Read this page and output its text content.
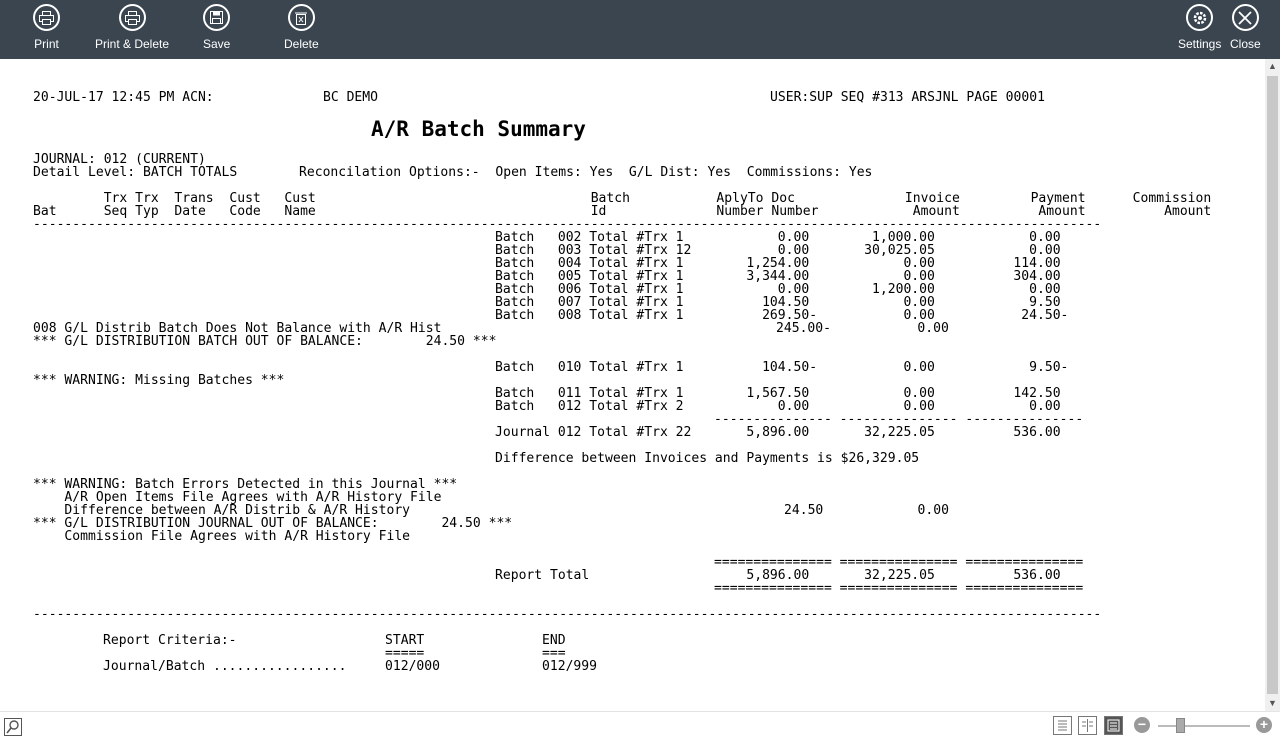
Print	Print & Delete	Save	Delete	Settings Close
20-JUL-17 12:45 PM ACN:	BC DEMO	USER:SUP SEQ #313 ARSJNL PAGE 00001
A/R Batch Summary
JOURNAL: 012 (CURRENT)
Detail Level: BATCH TOTALS	Reconcilation Options:-  Open Items: Yes  G/L Dist: Yes  Commissions: Yes
Trx Trx  Trans  Cust   Cust                                   Batch           AplyTo Doc              Invoice         Payment      Commission
Bat      Seq Typ  Date   Code   Name                                   Id              Number Number            Amount          Amount          Amount
----------------------------------------------------------------------------------------------------------------------------------------
Batch   002 Total #Trx 1            0.00        1,000.00            0.00
Batch   003 Total #Trx 12           0.00       30,025.05            0.00
Batch   004 Total #Trx 1        1,254.00            0.00          114.00
Batch   005 Total #Trx 1        3,344.00            0.00          304.00
Batch   006 Total #Trx 1            0.00        1,200.00            0.00
Batch   007 Total #Trx 1          104.50            0.00            9.50
Batch   008 Total #Trx 1          269.50-           0.00           24.50-
008 G/L Distrib Batch Does Not Balance with A/R Hist	245.00-           0.00
*** G/L DISTRIBUTION BATCH OUT OF BALANCE:        24.50 ***
Batch   010 Total #Trx 1          104.50-           0.00            9.50-
*** WARNING: Missing Batches ***
Batch   011 Total #Trx 1        1,567.50            0.00          142.50
Batch   012 Total #Trx 2            0.00            0.00            0.00
--------------- --------------- ---------------
Journal 012 Total #Trx 22       5,896.00       32,225.05          536.00
Difference between Invoices and Payments is $26,329.05
*** WARNING: Batch Errors Detected in this Journal ***
A/R Open Items File Agrees with A/R History File
Difference between A/R Distrib & A/R History	24.50            0.00
*** G/L DISTRIBUTION JOURNAL OUT OF BALANCE:        24.50 ***
Commission File Agrees with A/R History File
=============== =============== ===============
Report Total                    5,896.00       32,225.05          536.00
=============== =============== ===============
----------------------------------------------------------------------------------------------------------------------------------------
Report Criteria:-	START	END
=====	===
Journal/Batch .................	012/000	012/999
▲
▼
−	+
